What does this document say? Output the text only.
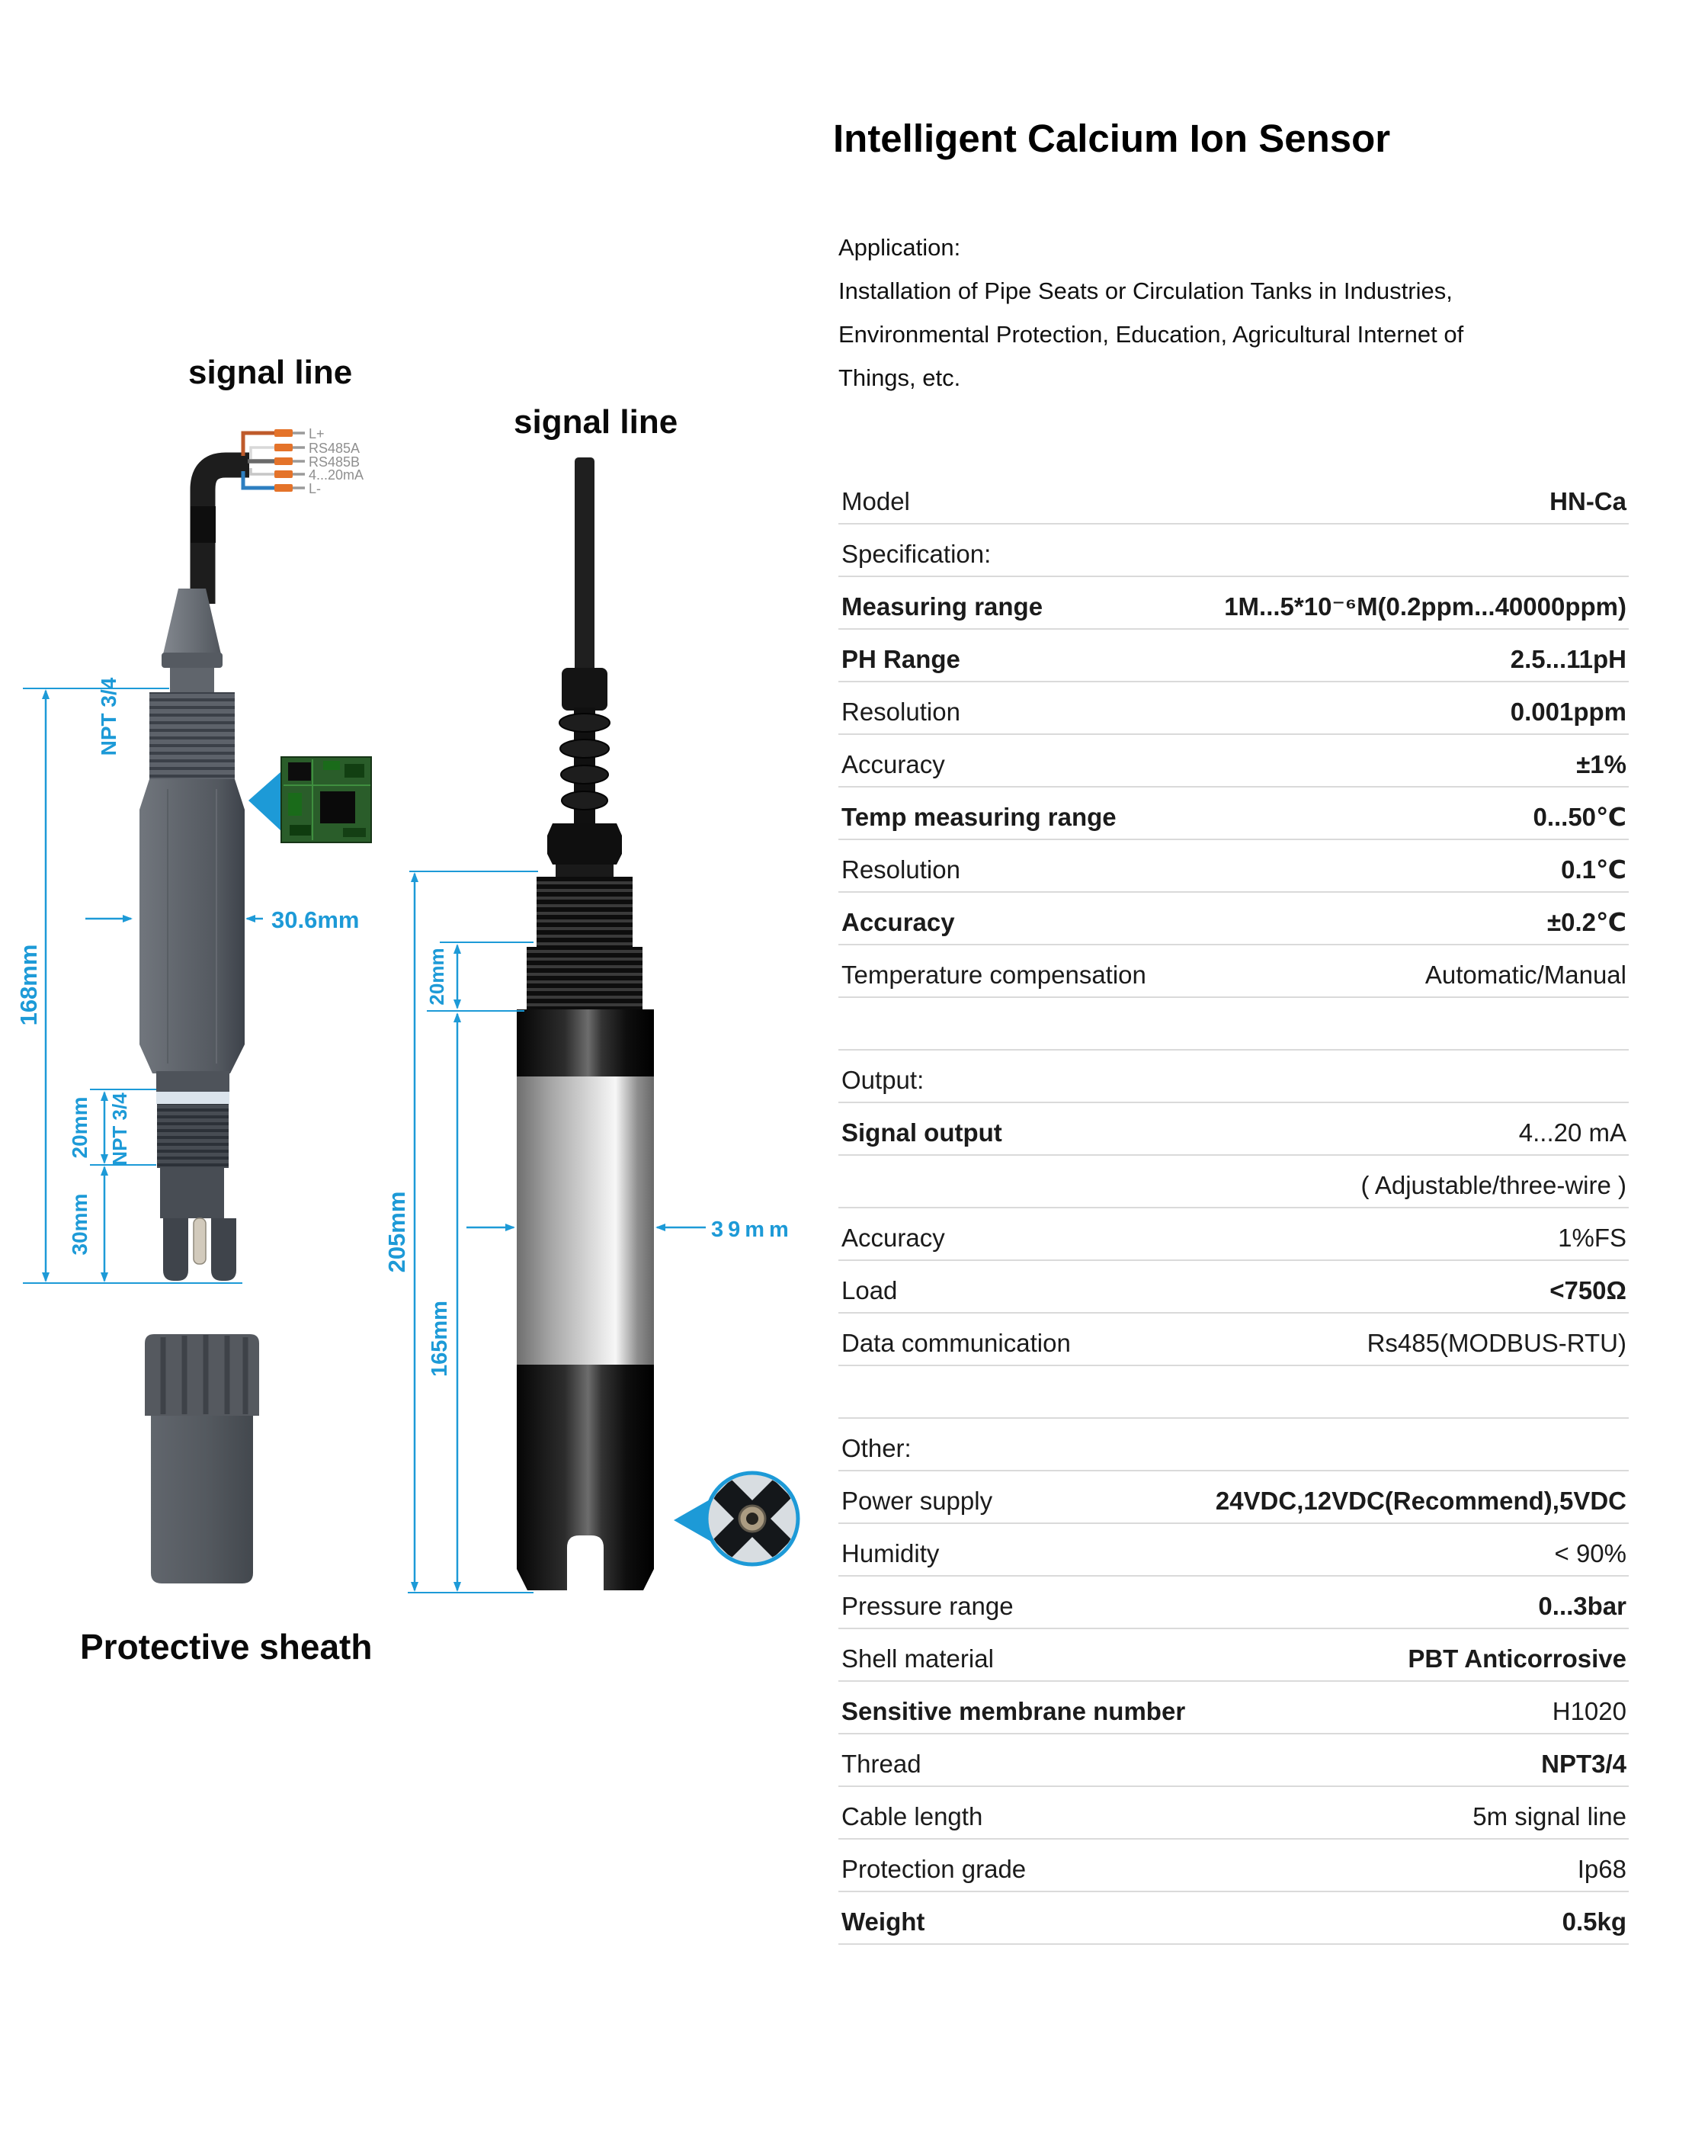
signal line
L+
RS485A
RS485B
4...20mA
L-
168mm
NPT 3/4
30.6mm
20mm NPT 3/4
30mm
Protective sheath
signal line
205mm
20mm
165mm
39mm
Intelligent Calcium Ion Sensor
Application:
Installation of Pipe Seats or Circulation Tanks in Industries,
Environmental Protection, Education, Agricultural Internet of
Things, etc.
Model	HN-Ca
Specification:
Measuring range	1M...5*10⁻⁶M(0.2ppm...40000ppm)
PH Range	2.5...11pH
Resolution	0.001ppm
Accuracy	±1%
Temp measuring range	0...50℃
Resolution	0.1℃
Accuracy	±0.2℃
Temperature compensation	Automatic/Manual
Output:
Signal output	4...20 mA
( Adjustable/three-wire )
Accuracy	1%FS
Load	<750Ω
Data communication	Rs485(MODBUS-RTU)
Other:
Power supply	24VDC,12VDC(Recommend),5VDC
Humidity	< 90%
Pressure range	0...3bar
Shell material	PBT Anticorrosive
Sensitive membrane number	H1020
Thread	NPT3/4
Cable length	5m signal line
Protection grade	Ip68
Weight	0.5kg
